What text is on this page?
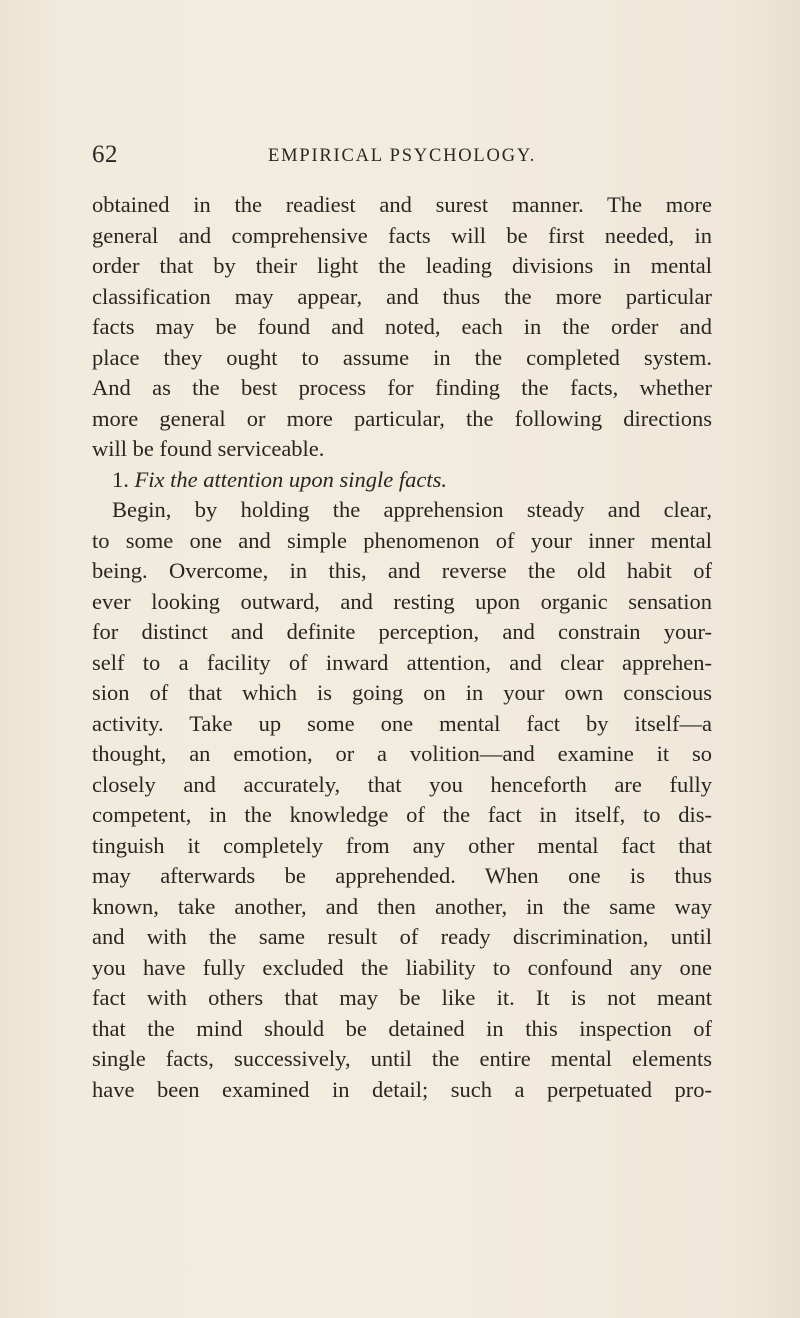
62	EMPIRICAL PSYCHOLOGY.
obtained in the readiest and surest manner. The more
general and comprehensive facts will be first needed, in
order that by their light the leading divisions in mental
classification may appear, and thus the more particular
facts may be found and noted, each in the order and
place they ought to assume in the completed system.
And as the best process for finding the facts, whether
more general or more particular, the following directions
will be found serviceable.
1. Fix the attention upon single facts.
Begin, by holding the apprehension steady and clear,
to some one and simple phenomenon of your inner mental
being. Overcome, in this, and reverse the old habit of
ever looking outward, and resting upon organic sensation
for distinct and definite perception, and constrain your-
self to a facility of inward attention, and clear apprehen-
sion of that which is going on in your own conscious
activity. Take up some one mental fact by itself—a
thought, an emotion, or a volition—and examine it so
closely and accurately, that you henceforth are fully
competent, in the knowledge of the fact in itself, to dis-
tinguish it completely from any other mental fact that
may afterwards be apprehended. When one is thus
known, take another, and then another, in the same way
and with the same result of ready discrimination, until
you have fully excluded the liability to confound any one
fact with others that may be like it. It is not meant
that the mind should be detained in this inspection of
single facts, successively, until the entire mental elements
have been examined in detail; such a perpetuated pro-
